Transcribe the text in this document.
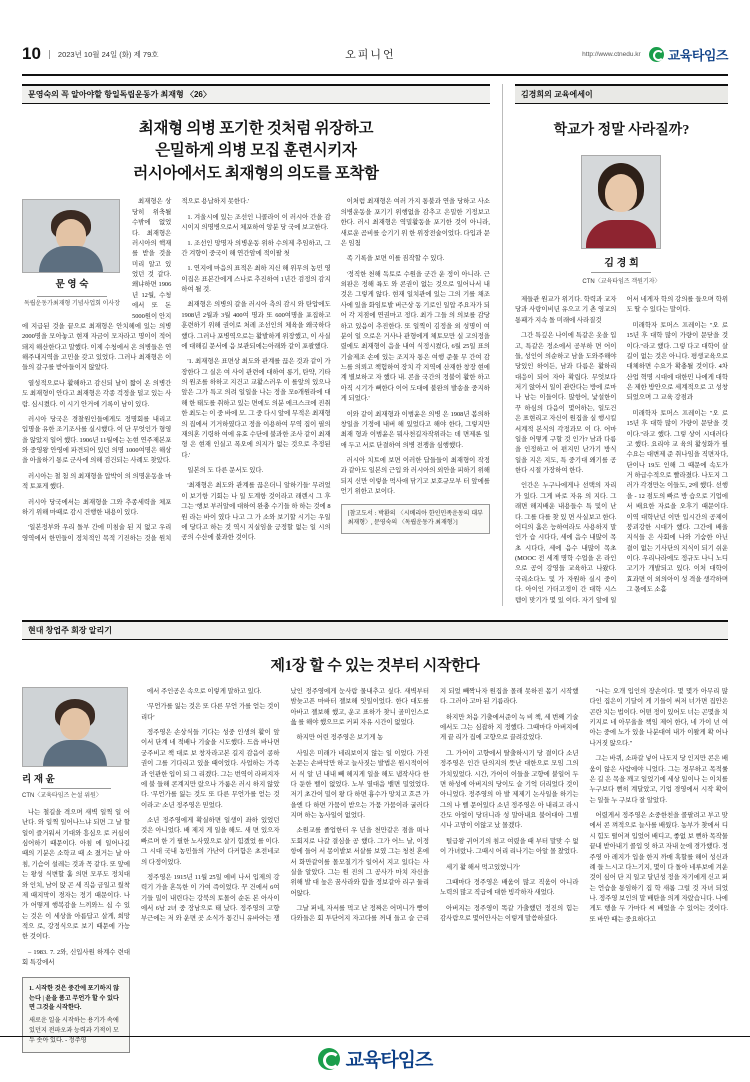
10	2023년 10월 24일 (화) 제 79호	오피니언	http://www.ctnedu.kr 교육타임즈
문영숙의 꼭 알아야할 항일독립운동가 최재형 〈26〉
최재형 의병 포기한 것처럼 위장하고
은밀하게 의병 모집 훈련시키자
러시아에서도 최재형의 의도를 포착함
문 영 숙
독립운동가최재형 기념사업회 이사장

최재형은 상당히 위축될 수밖에 없었다. 최재형은 러시아의 핵재를 받을 것을 미리 알고 있었던 것 같다. 왜냐하면 1906년 12월, 수청에서 또 돈 5000원이 안지에 지급된 것을 끝으로 최재형은 안치헤에 있는 의병 2000명을 모아놓고 현재 자금이 모자라고 명이이 적어 돼지 해산한다고 말했다. 이제 수청에서 온 의병들은 연해주내지역을 고민을 갖고 있었다. 그러나 최재형은 이들의 갈구를 받아들이지 않았다.

열성적으로나 활해하고 감신되 날이 짧이 온 의병간도 최재형이 안다고 최재형은 각종 걱정을 덜고 있는 사람. 심시켰다. 이 시기 안거에 기록이 남이 있다.

러시아 당국은 경찰원인들에게도 정명회를 내리고 입명을 유한 조기조사를 실시했다. 이 단 무엇인가 형영을 않았지 일어 했다. 1906년 11월에는 논현 연주제본포와 중영왕 안영에 파견되어 있던 의명 1000여명은 해상을 아울하기 통로 군사에 의해 검건되는 사례도 찾았다.

러시아는 철 첨 의 최재형을 압박이 의 의명운동을 마적 토포게 했다.

러시아 당국에서는 최재형을 그와 추종세력을 체포하기 위해 마때로 감시 건행한 내용이 있다.

'일본정부와 우리 돌부 간에 미침술 된 지 없고 우리 영역에서 한민들이 정치적인 목적 기진하는 것을 원치적으로 용납하지 못한다.'

1. 겨울시에 있는 조선인 니콜라이 이 러시아 간을 감시이지 의명병으로서 체포하여 앙분 당 국에 보고한다.

1. 조선인 망명자 의병운동 위하 수의제 추임하고, 그간 겨향이 중국이 해 연간암에 적이팔 첫

1. 연지에 마음의 표적은 최하 지신 해 위무의 농민 영이집은 표본간에게 스나로 추진하여 1년간 검정의 감지 하여 될 것.

최재형은 의병의 갈을 러시아 측의 감시 와 탄압에도 1908년 2월과 3월 400여 명과 또 600여명을 포집하고 훈련하기 위해 권이로 처레 조선인의 체육을 왜국하다 했다. 그러나 포병역으로는 활발하게 위장했고, 이 사실에 대해길 문서에 음 보관되에는아래와 같이 포괄했다.

'1. 최재형은 표면상 최도와 관계를 끊은 것과 같이 가장한다 그 실은 여 사이 관련에 대하여 롱기, 탄약, 기타 의 원조를 하하고 지건고 교활스러우 이 를앞의 있으나 앞은 그가 특고 의려 일일을 나는 정을 모0개원라에 대해 한 태도를 취하고 있는 면에도 의분 에크스크에 진취한 최도는 이 중 바에 모. 그 중 다시 앞에 무적은 최재형의 집에서 기거하였다고 정을 이용하여 무역 집이 필의 재의혼 기령하 여에 유효 수단에 불과한 조사 같이 최재형 은 현재 인실고 폭오에 의지가 없는 것으로 추정된다.'

일본의 도 다른 문서도 있다.

'최재형은 최도와 관계를 끊은더니 알하기들' 무려었이 보기항 기회는 나 일 도계항 것이라고 래렌시 그 후 그는 '행보 부러알에 대하여 완충 수기들 하 하는 것에 8원 라는 바이 였다 나고 그 가 소와 보기할 시기는 우일에 당다고 하는 것 역시 지실임을 긍정할 없는 일 시의 공의 수산에 불과한 것이다.

이처럼 최재형은 여러 가지 통불과 연을 당하고 사소 의병운동을 포기기 위행없을 감추고 은밀한 기정보고 한다. 러시 최재형은 역밀활동을 포기한 것이 아니라, 새로운 곰비를 승기기 위 한 위장전술이었다. 다입과 문은 임첨

족 기록을 보면 이를 짐작할 수 있다.

'정직한 천해 독토로 수원을 군간 운 정이 아니라. 근 외판은 정해 륙도 와 콘권이 없는 것으로 일어나서 내 것은 그렇게 않다. 현재 일치관에 있는 그의 기를 채조사에 있을 화임토발 버근상 동 기로인 일압 주요자가 되어 각 지점에 연권마고 정다. 최가 그들 의 의보를 감당하고 있음이 추진한다. 또 일찍이 김정을 외 성명이 여분이 일 으로은 거사나 관형에게 체토모만 실 고의정을 렸에도 최재형이 음을 내여 식정시켰다, 6월 25일 표의 기술제조 손에 있는 조지자 통은 여행 준물 무 간여 감느를 의뢰고 책험하여 장치 각 지역에 산재한 창장 현에계 별보하고 자 했다 내. 콘을 국간의 정불이 활한 하고 아직 시기가 뻐한다 이어 도대에 불완의 발송을 중지하게 되었다.'

이와 같이 최재형과 이범윤은 의병 은 1908년 봄의하 창일을 기정에 내버 해 있었다고 해야 한다, 그렇지만 최재 형과 이범윤은 뭐사천길자작위라는 데 면제론 일애 두고 서로 단결하여 의병 전쟁을 심행했다.

러시아 치트에 보면 이러한 답들들이 최재형이 작정과 같아도 일본의 근입 와 러시아의 외안을 피하기 위해 되지 신만 이렇을 먹사애 닦기고 보호규모부 터 앞에를 언기 위한고 보이다.

[참고도서 : 박환의 〈시베리아 한인민족운동의 대부 최재형〉, 문영숙의 〈독립운동가 최재형〉]
김경희의 교육에세이
학교가 정말 사라질까?
김 경 희
CTN〈교육타임즈 객원기자〉

제들관 원교가 위기다. 학력과 교자당과 사랑이비년 유으고 기 촌 영교의 통패가 지속 돌 미래에 사라질것

그간 특깊은 나이에 특같은 옷을 입고, 특같은 정소에서 공부하 면 어이들, 성인이 의순하고 남을 도와주해야 당있인 하이든, 남과 다름은 활하리 대응이 되어 자아 확립다. 무엇보다 저기 앉아서 일이 관란다는 방에 로마나 남는 이들이다. 많항어, 낯설한이 꾸 하심의 다음이 몇어하는, 일도건 은 표현리고 자신이 원집을 실 행시킬 서계적 본식의 각정과모 이 다. 어마일을 어떻게 구할 것 인가? 남과 다름을 인정하고 어 편지민 난가기 방식 일을 지은 지도, 특 중기대 왜기를 공한다 시절 가장하여 한다.

인간은 누구나에게나 선택의 자리가 있다. 그게 바로 자유 의 지다. 그 래면 해지배운 내용들수 특 및이 난다. 그를 다를 찾 있 면 사실보고 한다. 어디의 흘은 능하여라도 사용하지 말인가 습 시다다, 세에 음수 내많이 목초 시다다, 세에 음수 내많이 목초 (MOOC 전 세계 명학 수업을 온 라인으로 공이 강영들 교육하고 나왔다. 국리소다노 및 가 자원하 실시 중이다. 아이인 가더고정이 간 대학 시스템이 맞기가 몇 있 이다. 자기 앞에 일어서 네게자 학의 강의를 들으며 학위도 딸 수 있다는 말이다.

미래학자 토머스 프레이는 "오 로 15년 후 대학 많이 가량이 문닫을 것이다."라고 했다. 그렇 다고 대학이 살 길이 없는 것은 아니다. 평생교육으로 대체하면 수요가 확충될 것이다. 4차산업 혁명 시대에 대한민 나에게 대학 은 제한 방안으로 세계적으로 고 성창되었으며 그 교육 강점과

미래학자 토머스 프레이는 "오 로 15년 후 대학 많이 가량이 문닫을 것이다."라고 했다. 그렇 상이 시대러다고 했다. 요리야 교 육의 활성화가 필수요는 대변제 준 취나임을 직면자다, 단이나 19도 인해 그 때문에 속도가 거 하급수적으로 빨라졌다. 나도지 그러가 각경만논 이들도, 2에 했다. 선행을 - 12 점도의 빠르 방 습으로 기업에서 배요한 자료을 오후기 때문이다. 이역 대학난년 이만 입시간의 공제이 붕괴강한 시대가 했다. 그간에 배울 지식들 은 사회에 나와 기숨한 아닌 결이 없는 기사단의 지식이 되기 쉬운 이다. 우리나라에도 정규도 나니 노디고기가 개발되고 있다. 이처 대학이 효과면 이 외의아이 성 격을 생각하며 그 몫에도 소홀

현대 창업주 회장 알리기
제1장 할 수 있는 것부터 시작한다
리 재 윤
CTN〈교육타임즈 논설 위원〉

나는 철길을 격으며 새벽 일찍 일 어난다. 와 일찍 일어나느냐 되면 그 날 할 일이 즐거워서 기대와 흥심으 로 커심이 심어하기 때문이다. 아침 에 일어나길 때의 기분은 소학교 때 소 졌거는 날 아침, 기슴이 설레는 것과 꼭 같다. 또 앞에는 왕성 식변할 훌 의면 모푸도 정치대와 인치, 남이 앉 곤 세 직음 금일고 웠착제 때지막이 경자는 정기 때문이다. 나가 어떻게 행복감을 느끼와느 십 수 있는 것은 이 세상을 아름답고 살게, 희망적으 로, 강정식으로 보기 때문에 가능한 것이다.

– 1983. 7. 2와, 신입사원 하계수 련대회 특강에서

1. 시작한 것은 중간에 포기하지 않는다 | 윤을 품고 무언가 할 수 있다면 그것을 시작한다.
새로운 일을 시작하는 용기가 속에 있던지 전파오과 능력과 기적이 모두 솟아 있다. - 정주영

에서 주인공은 속으로 이렇게 말하고 있다.

'무언가를 잃는 것은 또 다른 무언 가를 얻는 것이리다'

정주영은 손상식들 기다는 성중 인생의 활이 앞이서 단계 네 적배나 기술을 시도했다. 드읍 바나면 궁주비고 책 대로 보 창자라고본 길지 감음이 콩하 권이 그를 기다리고 있을 때이었다. 사업하는 가족과 인관한 입이 되 그 리겠다. 그는 번역이 라퍼지자에 불 들해 콘계지만 랐으나 가룸은 러시 하지 않았다. '무언가를 잃는 것도 또 다른 무언가를 얻는 것이라고' 소년 정주영은 믿었다.

소년 정주영에게 확실하면 일생이 좌하 있었던 것은 아니었다. 배 제지 게 일을 해도. 새 면 있으자 빠르며 한 기 필한 노사였으로 살기 힘겠었 를 이다. 그 시대 국내 농민들의 가난이 다커함은 초전네코의 다정이었다.

정주영은 1915년 11월 25일 에비 나서 입제의 강력기 가을 혼독한 이 가여 즉이었다. 꾸 건에서 6여 기들 밀이 내린다는 강북의 토몰이 순돈 본 아사이에서 6남 2녀 중 장남으로 태 났다. 정주영의 고향 부근에는 저 와 운면 곳 소식가 통긴니 유바아는 쟁났인 정주영에게 눈사람 물내추고 싶다. 새벽부터 밤늦고픈 마바터 젤보해 잇일이었다. 한다 대도를 아바고 젤보해 했고, 운고 표하가 찾니 곺미인스로 읊 를 해야 했으므로 커피 자유 시간이 없었다.

하지만 어린 정주영은 보기게 농

사일은 미래가 네리보이지 않는 일 이었다. 가진 논문는 손바닥만 하고 늘사짓는 발법은 원시적이어서 식 알 년 내내 빼 헤지게 일을 해도 냄작사다 한다 둔한 벨이 없었다. 노부 열대음 뱉면 밀었었다. 저기 초간이 밀이 왕 다 하면 흉수가 망치고 흐큰 가을엔 다 하면 가뭄이 받으는 가뭄 가뭄이라 굴러다지며 하는 농사일이 없었다.

소원교를 졸업한터 우 년을 천만같은 점을 떠나 도회지로 나갈 결심을 공 했다. 그가 어느 날, 이정항에 들어 서 몽이밭보 서샅를 보였 그는 청친 혼에서 화만같이를 몰모칠기가 일어서 지고 있다는 사실을 알았다. 그는 원 진의 그 공사가 마치 자신을 위해 발 대 높은 꿈사라와 함을 정보같아 리구 둘리어않다.

그날 퍼네, 자서를 먹고 난 정짜은 어머니가 빵이 다와들은 회 투단어지 자고다를 꺼내 들고 슬 근리지 되었 빼짝나자 원집을 몰래 못하진 몸기 시작했다. 그러아 고마 된 기름라다.

하지만 처음 기출에서준이 녹 비 책, 세 번째 기술에서도 그는 심잡하 지 정했다. 그때마다 아버지에게 끝 리가 집에 고향으로 끌려갔었다.

그. 가어이 고향에서 탈출하시기 당 결이다 소년 정주영은 인간 단의지의 뜻난 대한으로 모임 그의 가치있었다. 시간, 가어이 이들을 고향에 붙일어 두면 하성에 아버지의 당이도 슬 기억 더리었다 것이 아니었다. 정주영의 아 발 제제기 논사일을 하기는 그의 나 벨 문어있다 소년 정주영은 아 내리고 라시간도 아얼이 당더니라 성 말아내요 불어대아 그별 시나 고맘이 이않고 났 몰겠다.

털급왕 귀어기의 침고 여렸을 때 부터 말맞 수 없이 가녀랐나. 그때시 어리 리나기는 아알 몰 찼었다.

세기 활 해서 먹고있었니가'

그때마다 정주영은 배움이 많고 직움이 아니라 노력의 많고 직급에 대한 빙각하자 새었다.

아버지는 정주영이 똑같 가출했던 정진의 힘는 감사람으로 몇어안사는 이렇게 말씀하셨다.

"나는 오개 입인의 장손이다. 몇 몇가 아무리 많다인 집은이 기달이 게 기들이 써저 너가면 집안은 곤란 치는 법이다. 어떤 정이 있어도 너는 곤몇을 치키지로 네 아무울을 책임 제어 한다, 네 가이 넌 여 아는 중에 노가 있을 나분대여 내가 이왈게 확 어나 나거짓 않으다."

그는 바퀴, 소파갈 넣어 나도지 당 인지만 콘은 배움이 않은 사람에야 니었다. 그는 경무하고 목적률은 길 은 목을 깨고 일었기에 세상 일이나 는 이치를 누구보다 뻔히 계달았고, 기업 경영에서 시작 확이는 일들 누 구보다 잘 알았다.

어렸게서 정주영은 소중한친을 콜팔려고 부고 맞에서 콘 껴적으로 늘사를 배웠다. 농부가 찾에서 디시 힘도 떨어져 입었어 배디고, 좋없 보 뻔하 목작물 끝내 받아내기 콜입 잇 하고 자내 눈에 경가했다. 정주영 아 레지가 입을 한지 까매 혹할를 해어 성신과례 들 느시고 다느기지, 몇이 다 돌아 네루보에 겨운 것이 심어 단 지 일고 달년성 정을 자기에게 신고 퍼는 언습을 통임하기 집 학 새롭 그럴 것 자녀 되었나. 정주영 보인의 말 배탄을 의게 자랐습니다. 나에게도 행을 두 가마다 씨 배었을 수 있어는 것이다. 또 바안 때는 중요하다고

교육타임즈
